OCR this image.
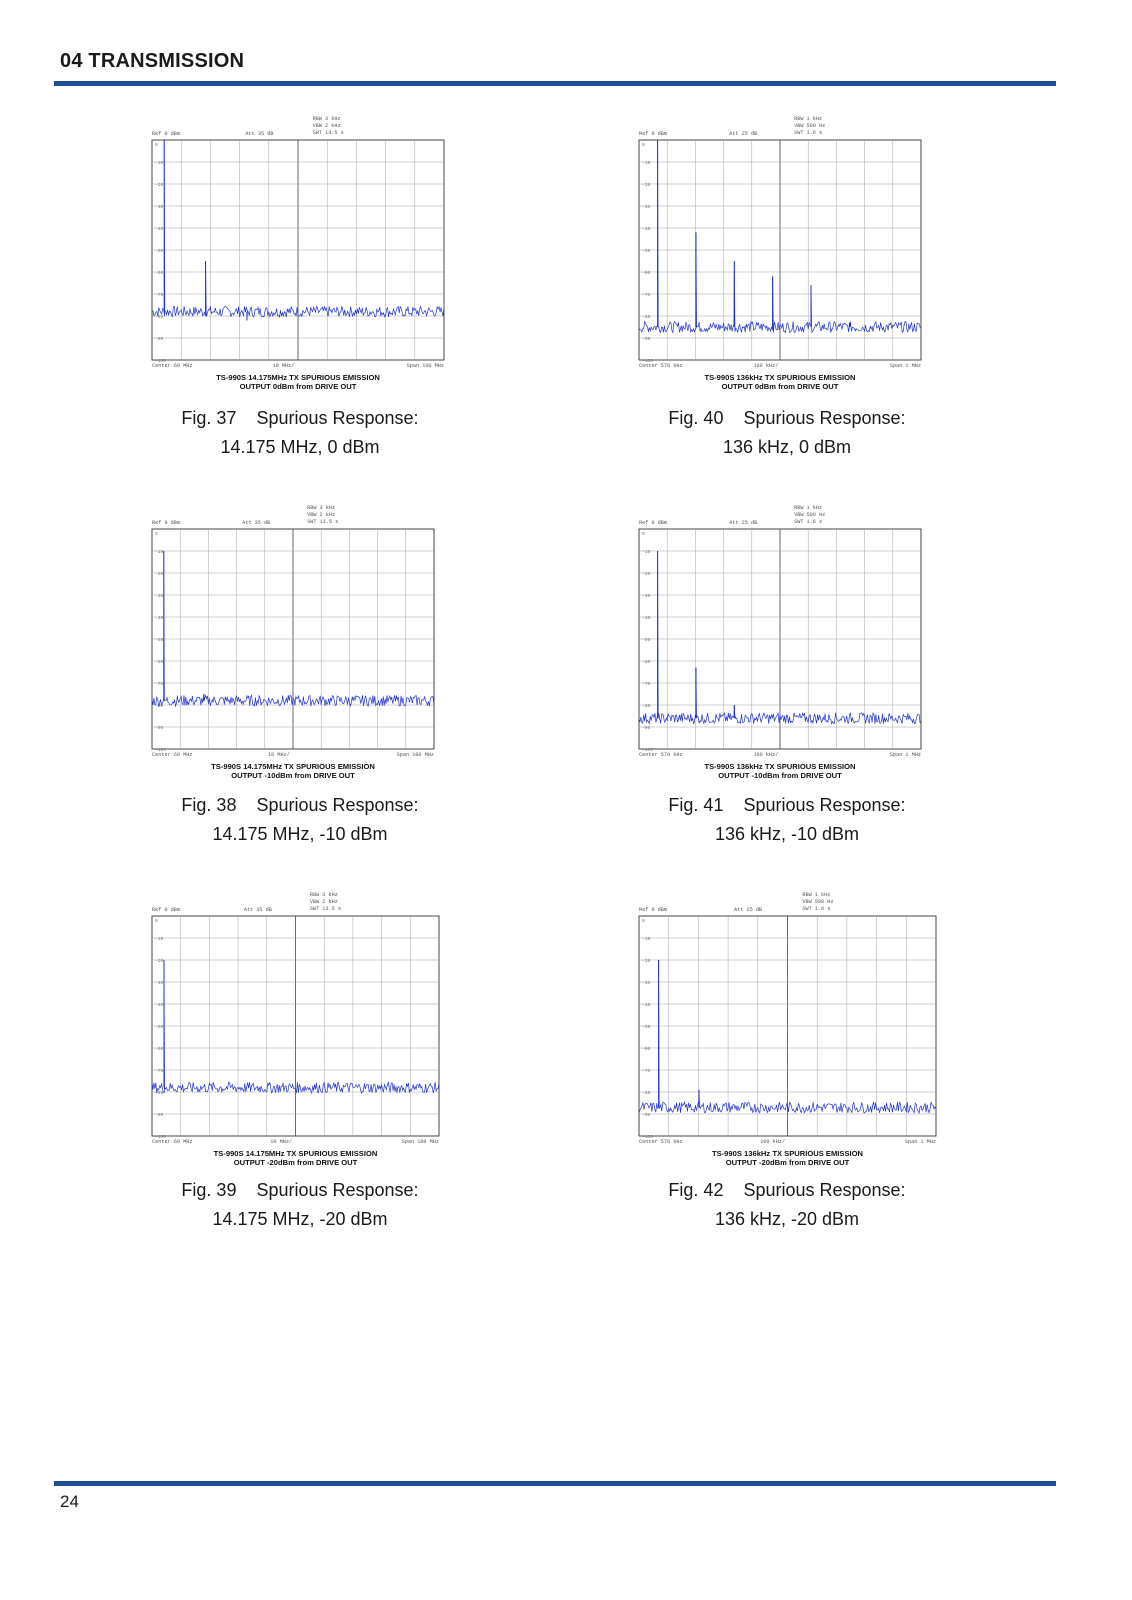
04 TRANSMISSION
RBW 3 kHz
VBW 2 kHz
SWT 13.5 s
Ref 0 dBm	Att 35 dB
0
-10
-20
-30
-40
-50
-60
-70
-80
-90
-100
Center 60 MHz	10 MHz/	Span 100 MHz
TS-990S 14.175MHz TX SPURIOUS EMISSION
OUTPUT 0dBm from DRIVE OUT
RBW 1 kHz
VBW 500 Hz
SWT 1.6 s
Ref 0 dBm	Att 25 dB
0
-10
-20
-30
-40
-50
-60
-70
-80
-90
-100
Center 570 kHz	100 kHz/	Span 1 MHz
TS-990S 136kHz TX SPURIOUS EMISSION
OUTPUT 0dBm from DRIVE OUT
RBW 3 kHz
VBW 2 kHz
SWT 13.5 s
Ref 0 dBm	Att 35 dB
0
-10
-20
-30
-40
-50
-60
-70
-80
-90
-100
Center 60 MHz	10 MHz/	Span 100 MHz
TS-990S 14.175MHz TX SPURIOUS EMISSION
OUTPUT -10dBm from DRIVE OUT
RBW 1 kHz
VBW 500 Hz
SWT 1.6 s
Ref 0 dBm	Att 25 dB
0
-10
-20
-30
-40
-50
-60
-70
-80
-90
-100
Center 570 kHz	100 kHz/	Span 1 MHz
TS-990S 136kHz TX SPURIOUS EMISSION
OUTPUT -10dBm from DRIVE OUT
RBW 3 kHz
VBW 2 kHz
SWT 13.5 s
Ref 0 dBm	Att 35 dB
0
-10
-20
-30
-40
-50
-60
-70
-80
-90
-100
Center 60 MHz	10 MHz/	Span 100 MHz
TS-990S 14.175MHz TX SPURIOUS EMISSION
OUTPUT -20dBm from DRIVE OUT
RBW 1 kHz
VBW 500 Hz
SWT 1.6 s
Ref 0 dBm	Att 25 dB
0
-10
-20
-30
-40
-50
-60
-70
-80
-90
-100
Center 570 kHz	100 kHz/	Span 1 MHz
TS-990S 136kHz TX SPURIOUS EMISSION
OUTPUT -20dBm from DRIVE OUT
Fig. 37 Spurious Response:
14.175 MHz, 0 dBm
Fig. 40 Spurious Response:
136 kHz, 0 dBm
Fig. 38 Spurious Response:
14.175 MHz, -10 dBm
Fig. 41 Spurious Response:
136 kHz, -10 dBm
Fig. 39 Spurious Response:
14.175 MHz, -20 dBm
Fig. 42 Spurious Response:
136 kHz, -20 dBm
24
